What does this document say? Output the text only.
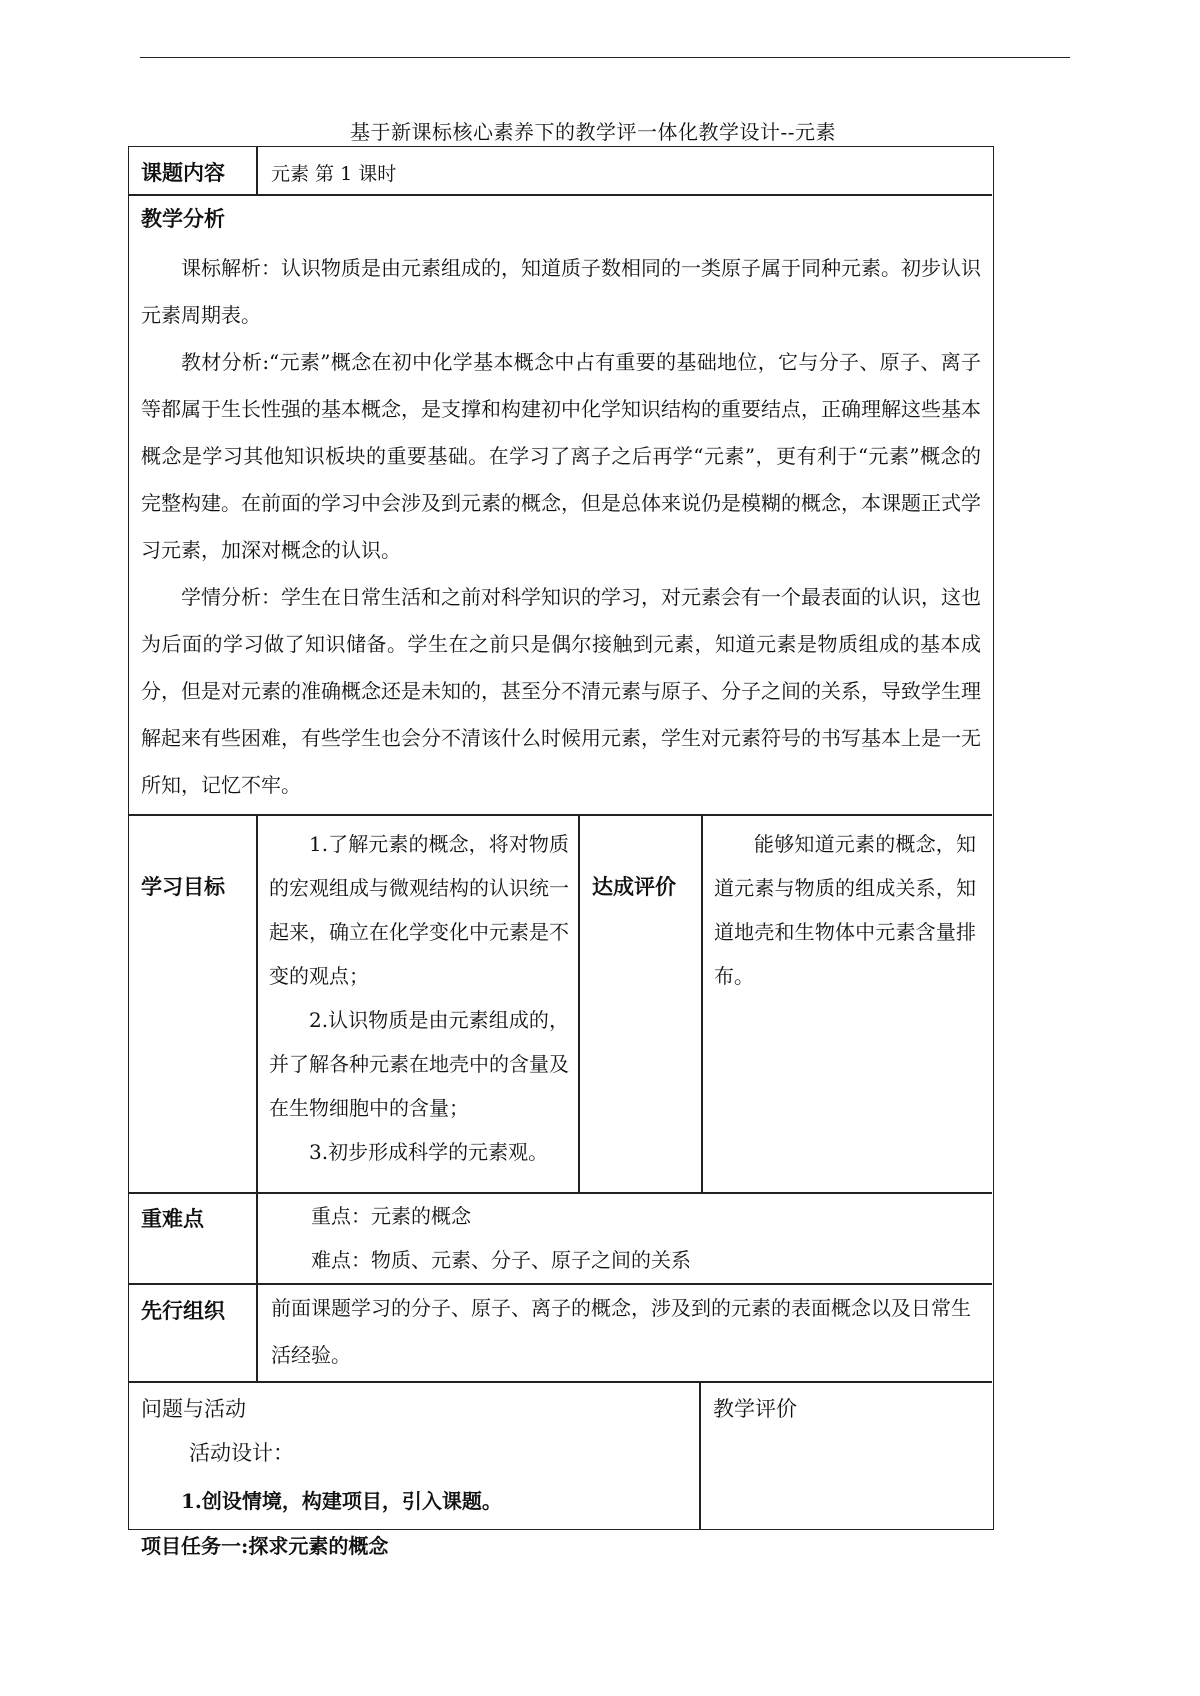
基于新课标核心素养下的教学评一体化教学设计--元素
课题内容 元素 第 1 课时
教学分析

课标解析：认识物质是由元素组成的，知道质子数相同的一类原子属于同种元素。初步认识元素周期表。

教材分析:“元素”概念在初中化学基本概念中占有重要的基础地位，它与分子、原子、离子等都属于生长性强的基本概念，是支撑和构建初中化学知识结构的重要结点，正确理解这些基本概念是学习其他知识板块的重要基础。在学习了离子之后再学“元素”，更有利于“元素”概念的完整构建。在前面的学习中会涉及到元素的概念，但是总体来说仍是模糊的概念，本课题正式学习元素，加深对概念的认识。

学情分析：学生在日常生活和之前对科学知识的学习，对元素会有一个最表面的认识，这也为后面的学习做了知识储备。学生在之前只是偶尔接触到元素，知道元素是物质组成的基本成分，但是对元素的准确概念还是未知的，甚至分不清元素与原子、分子之间的关系，导致学生理解起来有些困难，有些学生也会分不清该什么时候用元素，学生对元素符号的书写基本上是一无所知，记忆不牢。

学习目标

1.了解元素的概念，将对物质的宏观组成与微观结构的认识统一起来，确立在化学变化中元素是不变的观点；

2.认识物质是由元素组成的，并了解各种元素在地壳中的含量及在生物细胞中的含量；

3.初步形成科学的元素观。

达成评价

能够知道元素的概念，知道元素与物质的组成关系，知道地壳和生物体中元素含量排布。

重难点	重点：元素的概念

难点：物质、元素、分子、原子之间的关系

先行组织 前面课题学习的分子、原子、离子的概念，涉及到的元素的表面概念以及日常生活经验。

问题与活动
活动设计：
1.创设情境，构建项目，引入课题。
项目任务一:探求元素的概念
教学评价
